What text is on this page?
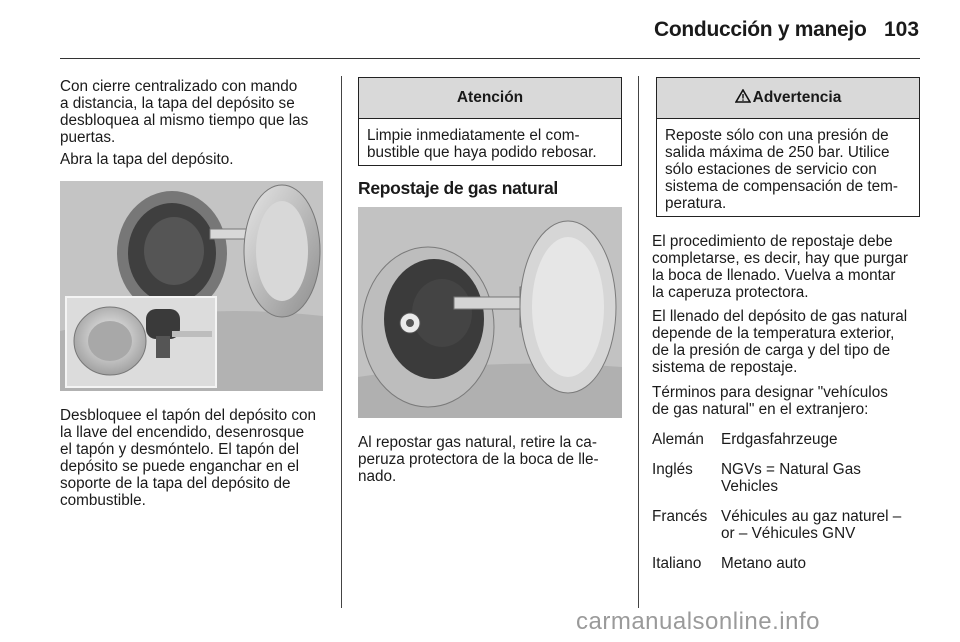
Conducción y manejo 103

Con cierre centralizado con mando
a distancia, la tapa del depósito se
desbloquea al mismo tiempo que las
puertas.

Abra la tapa del depósito.

Desbloquee el tapón del depósito con
la llave del encendido, desenrosque
el tapón y desmóntelo. El tapón del
depósito se puede enganchar en el
soporte de la tapa del depósito de
combustible.

Atención
Limpie inmediatamente el com-
bustible que haya podido rebosar.
Repostaje de gas natural

Al repostar gas natural, retire la ca-
peruza protectora de la boca de lle-
nado.

Advertencia
Reposte sólo con una presión de
salida máxima de 250 bar. Utilice
sólo estaciones de servicio con
sistema de compensación de tem-
peratura.

El procedimiento de repostaje debe
completarse, es decir, hay que purgar
la boca de llenado. Vuelva a montar
la caperuza protectora.

El llenado del depósito de gas natural
depende de la temperatura exterior,
de la presión de carga y del tipo de
sistema de repostaje.

Términos para designar "vehículos
de gas natural" en el extranjero:

Alemán Erdgasfahrzeuge
Inglés NGVs = Natural Gas
Vehicles
Francés Véhicules au gaz naturel –
or – Véhicules GNV
Italiano Metano auto
carmanualsonline.info
